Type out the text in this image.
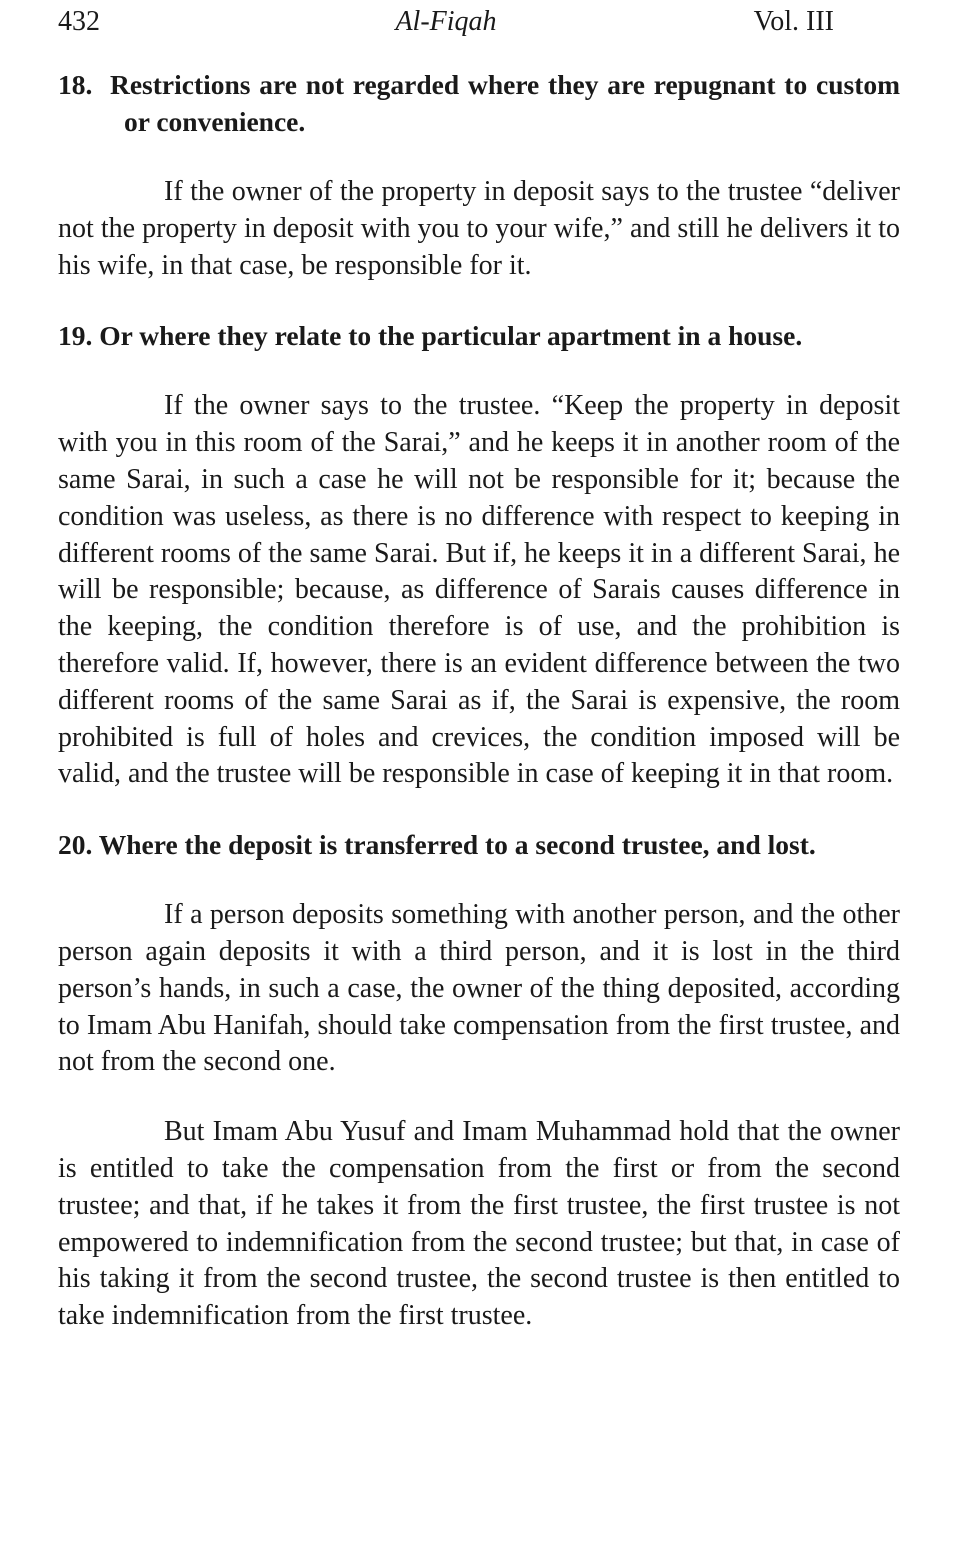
432	Al-Fiqah	Vol. III

18. Restrictions are not regarded where they are repugnant to custom or convenience.

If the owner of the property in deposit says to the trustee “deliver not the property in deposit with you to your wife,” and still he delivers it to his wife, in that case, be responsible for it.

19. Or where they relate to the particular apartment in a house.

If the owner says to the trustee. “Keep the property in deposit with you in this room of the Sarai,” and he keeps it in another room of the same Sarai, in such a case he will not be responsible for it; because the condition was useless, as there is no difference with respect to keeping in different rooms of the same Sarai. But if, he keeps it in a different Sarai, he will be responsible; because, as difference of Sarais causes difference in the keeping, the condition therefore is of use, and the prohibition is therefore valid. If, however, there is an evident difference between the two different rooms of the same Sarai as if, the Sarai is expensive, the room prohibited is full of holes and crevices, the condition imposed will be valid, and the trustee will be responsible in case of keeping it in that room.

20. Where the deposit is transferred to a second trustee, and lost.

If a person deposits something with another person, and the other person again deposits it with a third person, and it is lost in the third person’s hands, in such a case, the owner of the thing deposited, according to Imam Abu Hanifah, should take compensation from the first trustee, and not from the second one.

But Imam Abu Yusuf and Imam Muhammad hold that the owner is entitled to take the compensation from the first or from the second trustee; and that, if he takes it from the first trustee, the first trustee is not empowered to indemnification from the second trustee; but that, in case of his taking it from the second trustee, the second trustee is then entitled to take indemnification from the first trustee.
